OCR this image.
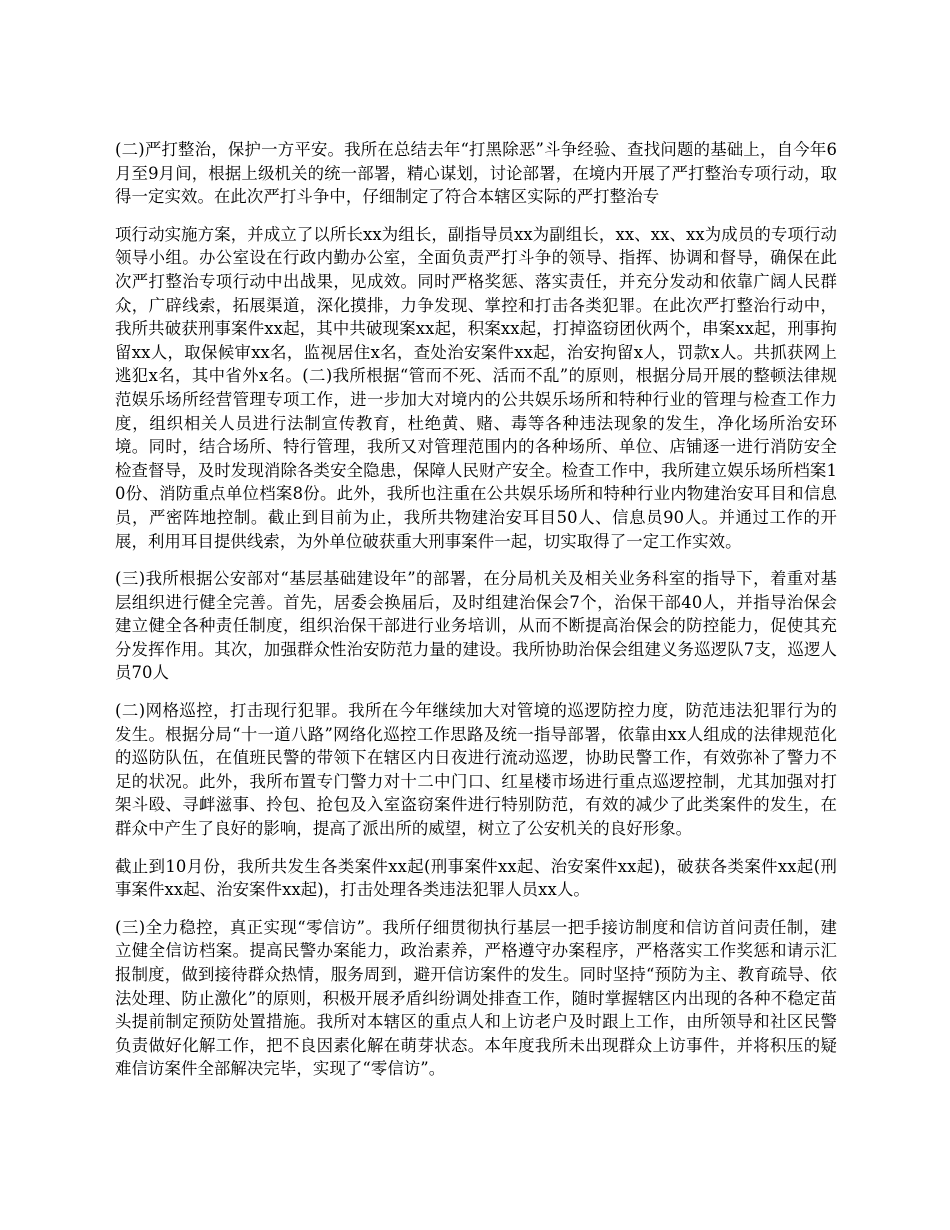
(二)严打整治，保护一方平安。我所在总结去年“打黑除恶”斗争经验、查找问题的基础上，自今年6月至9月间，根据上级机关的统一部署，精心谋划，讨论部署，在境内开展了严打整治专项行动，取得一定实效。在此次严打斗争中，仔细制定了符合本辖区实际的严打整治专

项行动实施方案，并成立了以所长xx为组长，副指导员xx为副组长，xx、xx、xx为成员的专项行动领导小组。办公室设在行政内勤办公室，全面负责严打斗争的领导、指挥、协调和督导，确保在此次严打整治专项行动中出战果，见成效。同时严格奖惩、落实责任，并充分发动和依靠广阔人民群众，广辟线索，拓展渠道，深化摸排，力争发现、掌控和打击各类犯罪。在此次严打整治行动中，我所共破获刑事案件xx起，其中共破现案xx起，积案xx起，打掉盗窃团伙两个，串案xx起，刑事拘留xx人，取保候审xx名，监视居住x名，查处治安案件xx起，治安拘留x人，罚款x人。共抓获网上逃犯x名，其中省外x名。(二)我所根据“管而不死、活而不乱”的原则，根据分局开展的整顿法律规范娱乐场所经营管理专项工作，进一步加大对境内的公共娱乐场所和特种行业的管理与检查工作力度，组织相关人员进行法制宣传教育，杜绝黄、赌、毒等各种违法现象的发生，净化场所治安环境。同时，结合场所、特行管理，我所又对管理范围内的各种场所、单位、店铺逐一进行消防安全检查督导，及时发现消除各类安全隐患，保障人民财产安全。检查工作中，我所建立娱乐场所档案10份、消防重点单位档案8份。此外，我所也注重在公共娱乐场所和特种行业内物建治安耳目和信息员，严密阵地控制。截止到目前为止，我所共物建治安耳目50人、信息员90人。并通过工作的开展，利用耳目提供线索，为外单位破获重大刑事案件一起，切实取得了一定工作实效。

(三)我所根据公安部对“基层基础建设年”的部署，在分局机关及相关业务科室的指导下，着重对基层组织进行健全完善。首先，居委会换届后，及时组建治保会7个，治保干部40人，并指导治保会建立健全各种责任制度，组织治保干部进行业务培训，从而不断提高治保会的防控能力，促使其充分发挥作用。其次，加强群众性治安防范力量的建设。我所协助治保会组建义务巡逻队7支，巡逻人员70人

(二)网格巡控，打击现行犯罪。我所在今年继续加大对管境的巡逻防控力度，防范违法犯罪行为的发生。根据分局“十一道八路”网络化巡控工作思路及统一指导部署，依靠由xx人组成的法律规范化的巡防队伍，在值班民警的带领下在辖区内日夜进行流动巡逻，协助民警工作，有效弥补了警力不足的状况。此外，我所布置专门警力对十二中门口、红星楼市场进行重点巡逻控制，尤其加强对打架斗殴、寻衅滋事、拎包、抢包及入室盗窃案件进行特别防范，有效的减少了此类案件的发生，在群众中产生了良好的影响，提高了派出所的威望，树立了公安机关的良好形象。

截止到10月份，我所共发生各类案件xx起(刑事案件xx起、治安案件xx起)，破获各类案件xx起(刑事案件xx起、治安案件xx起)，打击处理各类违法犯罪人员xx人。

(三)全力稳控，真正实现“零信访”。我所仔细贯彻执行基层一把手接访制度和信访首问责任制，建立健全信访档案。提高民警办案能力，政治素养，严格遵守办案程序，严格落实工作奖惩和请示汇报制度，做到接待群众热情，服务周到，避开信访案件的发生。同时坚持“预防为主、教育疏导、依法处理、防止激化”的原则，积极开展矛盾纠纷调处排查工作，随时掌握辖区内出现的各种不稳定苗头提前制定预防处置措施。我所对本辖区的重点人和上访老户及时跟上工作，由所领导和社区民警负责做好化解工作，把不良因素化解在萌芽状态。本年度我所未出现群众上访事件，并将积压的疑难信访案件全部解决完毕，实现了“零信访”。
